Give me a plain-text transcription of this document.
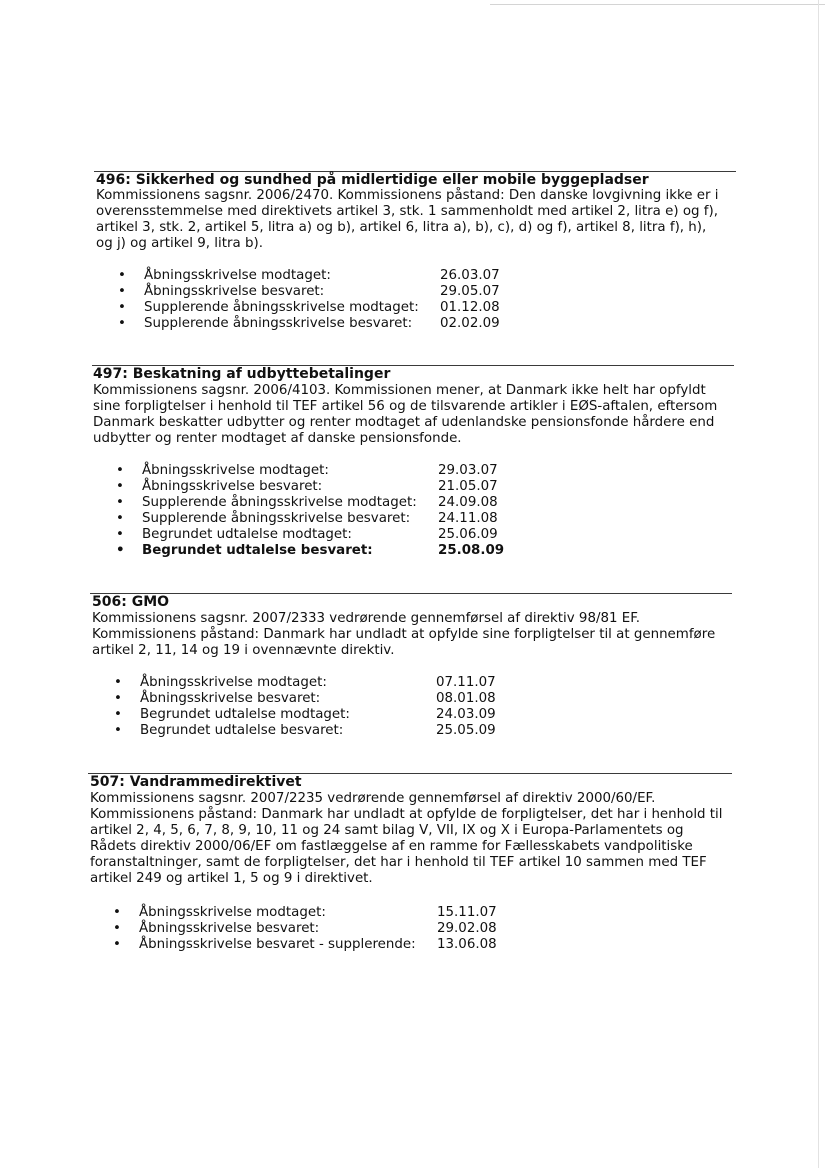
496: Sikkerhed og sundhed på midlertidige eller mobile byggepladser
Kommissionens sagsnr. 2006/2470. Kommissionens påstand: Den danske lovgivning ikke er i
overensstemmelse med direktivets artikel 3, stk. 1 sammenholdt med artikel 2, litra e) og f),
artikel 3, stk. 2, artikel 5, litra a) og b), artikel 6, litra a), b), c), d) og f), artikel 8, litra f), h),
og j) og artikel 9, litra b).
• Åbningsskrivelse modtaget:	26.03.07
• Åbningsskrivelse besvaret:	29.05.07
• Supplerende åbningsskrivelse modtaget: 01.12.08
• Supplerende åbningsskrivelse besvaret: 02.02.09
497: Beskatning af udbyttebetalinger
Kommissionens sagsnr. 2006/4103. Kommissionen mener, at Danmark ikke helt har opfyldt
sine forpligtelser i henhold til TEF artikel 56 og de tilsvarende artikler i EØS-aftalen, eftersom
Danmark beskatter udbytter og renter modtaget af udenlandske pensionsfonde hårdere end
udbytter og renter modtaget af danske pensionsfonde.
• Åbningsskrivelse modtaget:	29.03.07
• Åbningsskrivelse besvaret:	21.05.07
• Supplerende åbningsskrivelse modtaget: 24.09.08
• Supplerende åbningsskrivelse besvaret: 24.11.08
• Begrundet udtalelse modtaget:	25.06.09
• Begrundet udtalelse besvaret:	25.08.09
506: GMO
Kommissionens sagsnr. 2007/2333 vedrørende gennemførsel af direktiv 98/81 EF.
Kommissionens påstand: Danmark har undladt at opfylde sine forpligtelser til at gennemføre
artikel 2, 11, 14 og 19 i ovennævnte direktiv.
• Åbningsskrivelse modtaget:	07.11.07
• Åbningsskrivelse besvaret:	08.01.08
• Begrundet udtalelse modtaget:	24.03.09
• Begrundet udtalelse besvaret:	25.05.09
507: Vandrammedirektivet
Kommissionens sagsnr. 2007/2235 vedrørende gennemførsel af direktiv 2000/60/EF.
Kommissionens påstand: Danmark har undladt at opfylde de forpligtelser, det har i henhold til
artikel 2, 4, 5, 6, 7, 8, 9, 10, 11 og 24 samt bilag V, VII, IX og X i Europa-Parlamentets og
Rådets direktiv 2000/06/EF om fastlæggelse af en ramme for Fællesskabets vandpolitiske
foranstaltninger, samt de forpligtelser, det har i henhold til TEF artikel 10 sammen med TEF
artikel 249 og artikel 1, 5 og 9 i direktivet.
• Åbningsskrivelse modtaget:	15.11.07
• Åbningsskrivelse besvaret:	29.02.08
• Åbningsskrivelse besvaret - supplerende: 13.06.08
